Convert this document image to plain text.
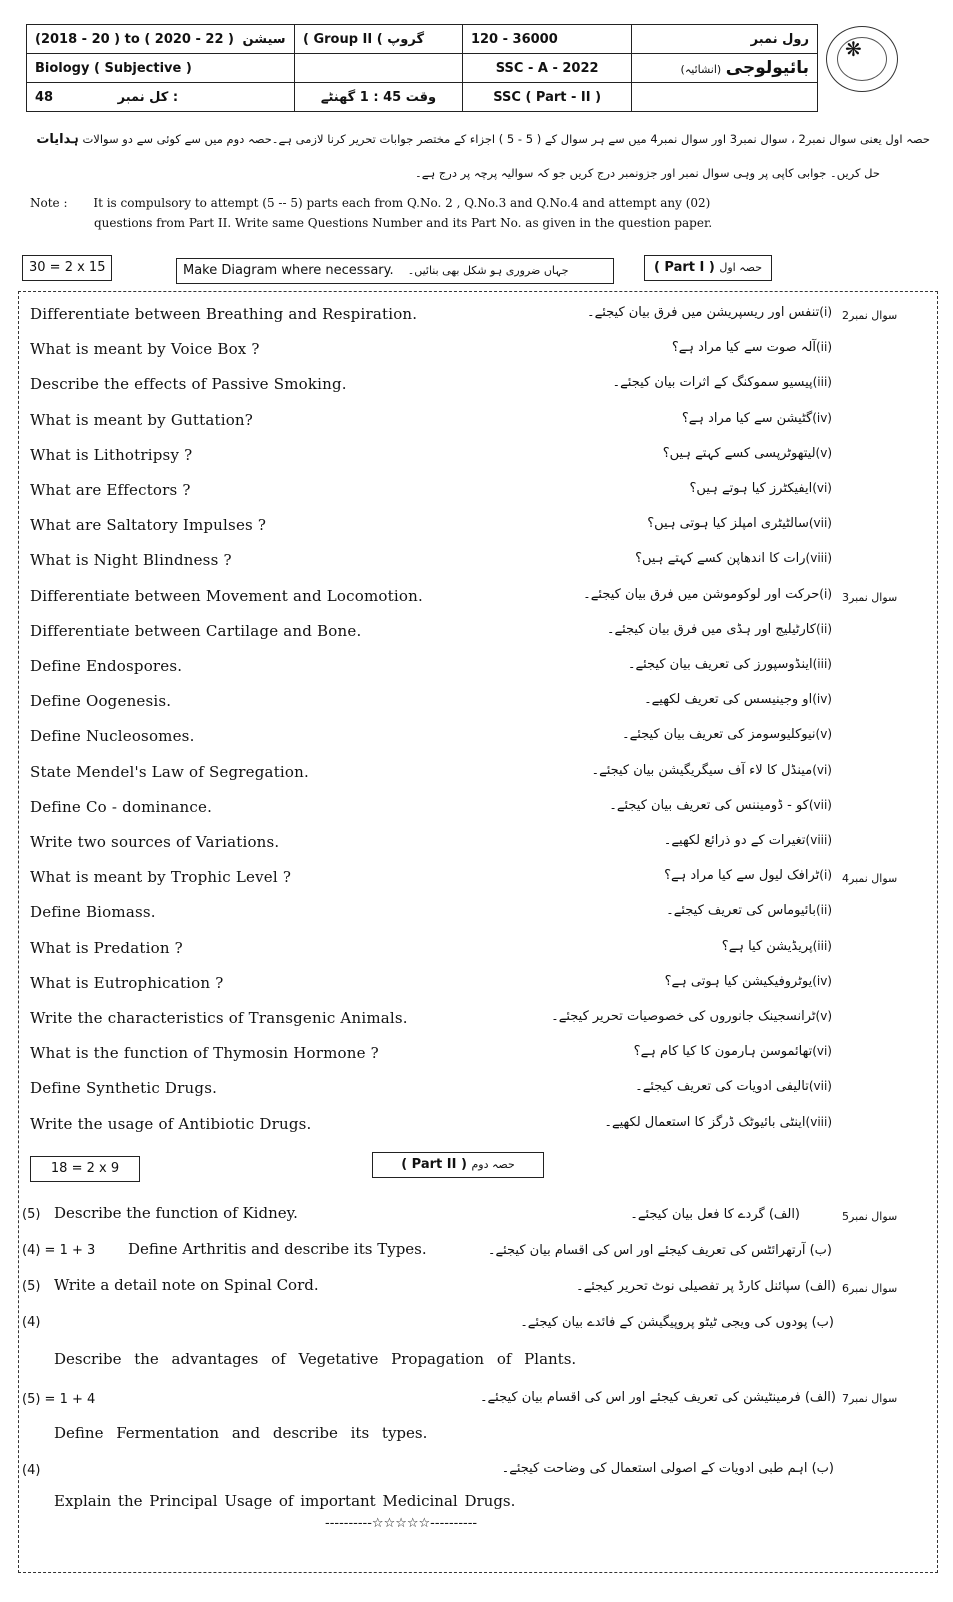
(2018 - 20 ) to ( 2020 - 22 ) سیشن	( Group II ( گروپ	120 - 36000	رول نمبر
Biology ( Subjective )		SSC - A - 2022	(انشائیہ) بائیولوجی
48 کل نمبر :	وقت 45 : 1 گھنٹے	SSC ( Part - II )	
❋
حصہ اول یعنی سوال نمبر2 ، سوال نمبر3 اور سوال نمبر4 میں سے ہر سوال کے ( 5 - 5 ) اجزاء کے مختصر جوابات تحریر کرنا لازمی ہے۔حصہ دوم میں سے کوئی سے دو سوالات ہدایات
حل کریں۔ جوابی کاپی پر وہی سوال نمبر اور جزونمبر درج کریں جو کہ سوالیہ پرچہ پر درج ہے۔
Note : It is compulsory to attempt (5 -- 5) parts each from Q.No. 2 , Q.No.3 and Q.No.4 and attempt any (02)
questions from Part II. Write same Questions Number and its Part No. as given in the question paper.
30 = 2 x 15	Make Diagram where necessary. جہاں ضروری ہو شکل بھی بنائیں۔	( Part I ) حصہ اول
Differentiate between Breathing and Respiration.	(i)تنفس اور ریسپریشن میں فرق بیان کیجئے۔	سوال نمبر2
What is meant by Voice Box ?	(ii)آلہ صوت سے کیا مراد ہے؟
Describe the effects of Passive Smoking.	(iii)پیسیو سموکنگ کے اثرات بیان کیجئے۔
What is meant by Guttation?	(iv)گٹیشن سے کیا مراد ہے؟
What is Lithotripsy ?	(v)لیتھوٹرپسی کسے کہتے ہیں؟
What are Effectors ?	(vi)ایفیکٹرز کیا ہوتے ہیں؟
What are Saltatory Impulses ?	(vii)سالٹیٹری امپلز کیا ہوتی ہیں؟
What is Night Blindness ?	(viii)رات کا اندھاپن کسے کہتے ہیں؟
Differentiate between Movement and Locomotion.	(i)حرکت اور لوکوموشن میں فرق بیان کیجئے۔	سوال نمبر3
Differentiate between Cartilage and Bone.	(ii)کارٹیلیج اور ہڈی میں فرق بیان کیجئے۔
Define Endospores.	(iii)اینڈوسپورز کی تعریف بیان کیجئے۔
Define Oogenesis.	(iv)او وجینیسس کی تعریف لکھیے۔
Define Nucleosomes.	(v)نیوکلیوسومز کی تعریف بیان کیجئے۔
State Mendel's Law of Segregation.	(vi)مینڈل کا لاء آف سیگریگیشن بیان کیجئے۔
Define Co - dominance.	(vii)کو - ڈومیننس کی تعریف بیان کیجئے۔
Write two sources of Variations.	(viii)تغیرات کے دو ذرائع لکھیے۔
What is meant by Trophic Level ?	(i)ٹرافک لیول سے کیا مراد ہے؟	سوال نمبر4
Define Biomass.	(ii)بائیوماس کی تعریف کیجئے۔
What is Predation ?	(iii)پریڈیشن کیا ہے؟
What is Eutrophication ?	(iv)یوٹروفیکیشن کیا ہوتی ہے؟
Write the characteristics of Transgenic Animals.	(v)ٹرانسجینک جانوروں کی خصوصیات تحریر کیجئے۔
What is the function of Thymosin Hormone ?	(vi)تھائموسن ہارمون کا کیا کام ہے؟
Define Synthetic Drugs.	(vii)تالیفی ادویات کی تعریف کیجئے۔
Write the usage of Antibiotic Drugs.	(viii)اینٹی بائیوٹک ڈرگز کا استعمال لکھیے۔
18 = 2 x 9	( Part II ) حصہ دوم
(5) Describe the function of Kidney.	(الف) گردے کا فعل بیان کیجئے۔	سوال نمبر5
(4) = 1 + 3 Define Arthritis and describe its Types.	(ب) آرتھرائٹس کی تعریف کیجئے اور اس کی اقسام بیان کیجئے۔
(5) Write a detail note on Spinal Cord.	(الف) سپائنل کارڈ پر تفصیلی نوٹ تحریر کیجئے۔ سوال نمبر6
(4)	(ب) پودوں کی ویجی ٹیٹو پروپیگیشن کے فائدے بیان کیجئے۔
Describe the advantages of Vegetative Propagation of Plants.
(5) = 1 + 4	(الف) فرمینٹیشن کی تعریف کیجئے اور اس کی اقسام بیان کیجئے۔ سوال نمبر7
Define Fermentation and describe its types.
(4)	(ب) اہم طبی ادویات کے اصولی استعمال کی وضاحت کیجئے۔
Explain the Principal Usage of important Medicinal Drugs.
----------☆☆☆☆☆----------
